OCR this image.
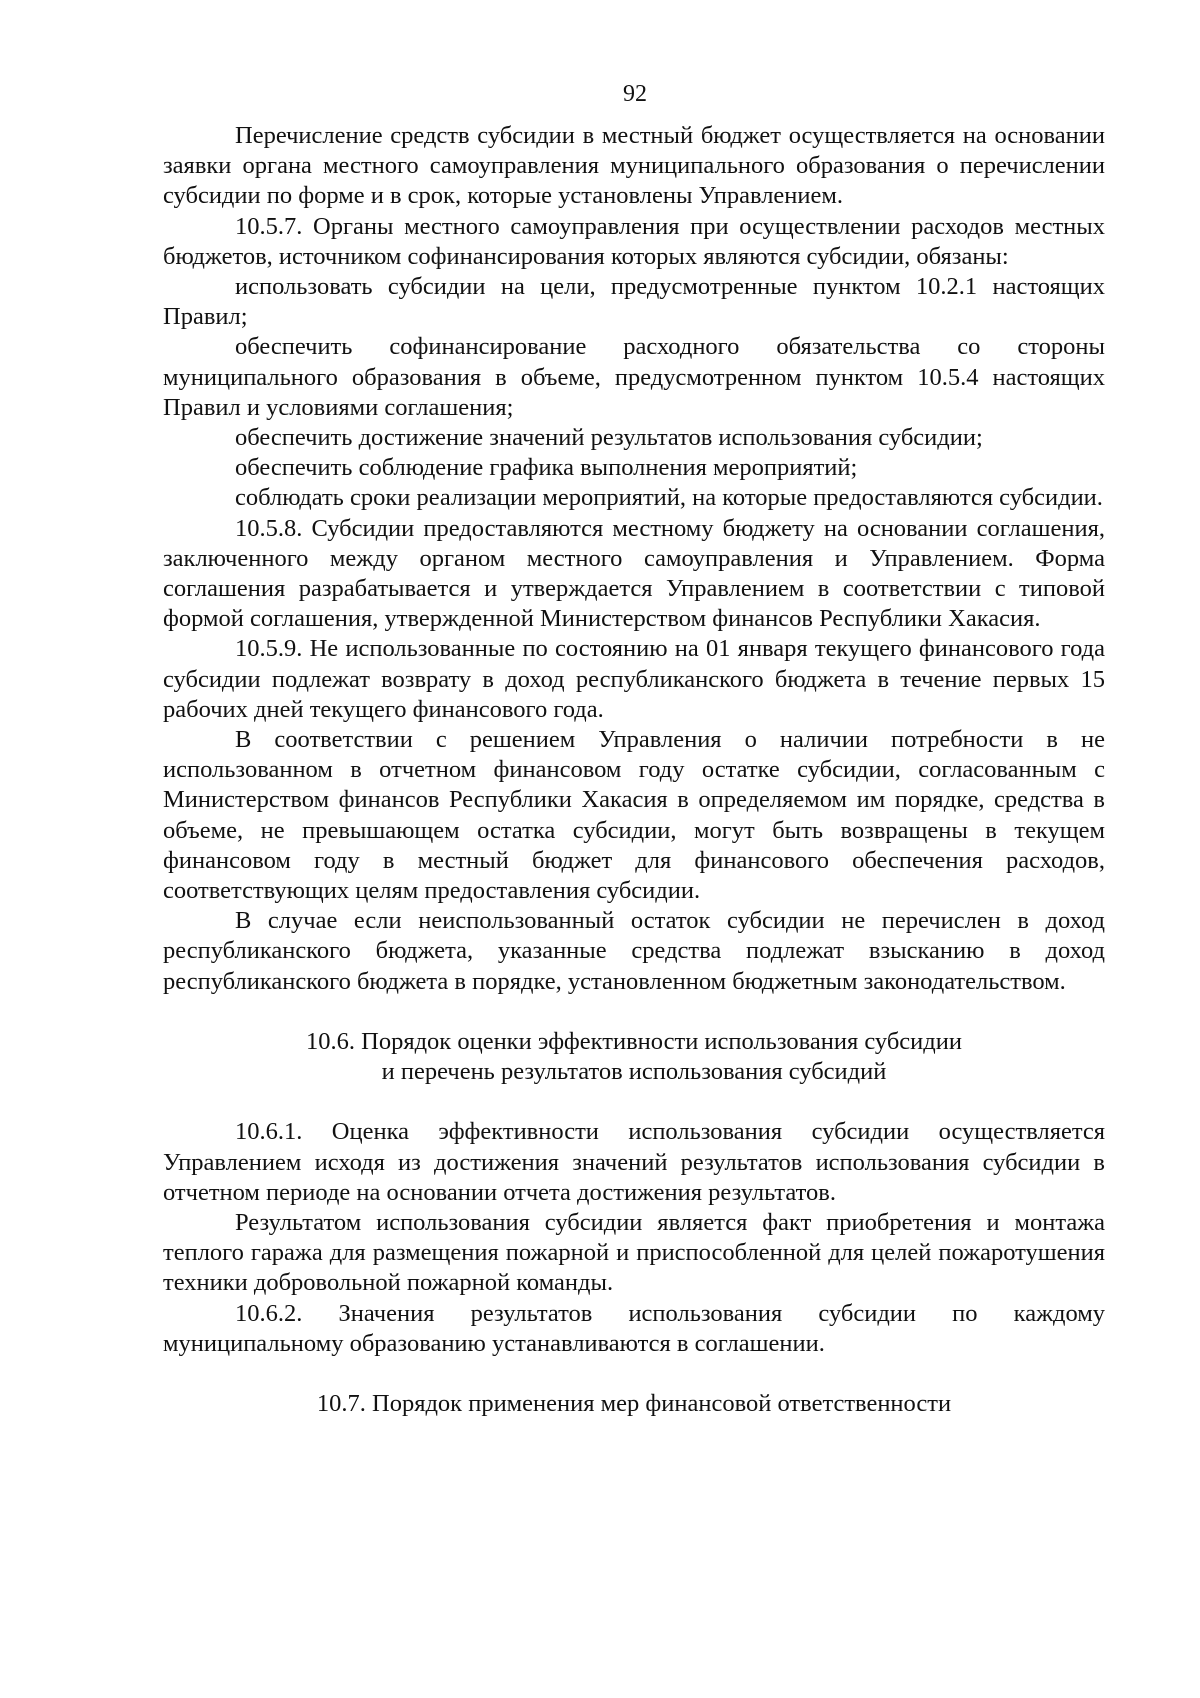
92

Перечисление средств субсидии в местный бюджет осуществляется на основании заявки органа местного самоуправления муниципального образования о перечислении субсидии по форме и в срок, которые установлены Управлением.

10.5.7. Органы местного самоуправления при осуществлении расходов местных бюджетов, источником софинансирования которых являются субсидии, обязаны:

использовать субсидии на цели, предусмотренные пунктом 10.2.1 настоящих Правил;

обеспечить софинансирование расходного обязательства со стороны муниципального образования в объеме, предусмотренном пунктом 10.5.4 настоящих Правил и условиями соглашения;

обеспечить достижение значений результатов использования субсидии;

обеспечить соблюдение графика выполнения мероприятий;

соблюдать сроки реализации мероприятий, на которые предоставляются субсидии.

10.5.8. Субсидии предоставляются местному бюджету на основании соглашения, заключенного между органом местного самоуправления и Управлением. Форма соглашения разрабатывается и утверждается Управлением в соответствии с типовой формой соглашения, утвержденной Министерством финансов Республики Хакасия.

10.5.9. Не использованные по состоянию на 01 января текущего финансового года субсидии подлежат возврату в доход республиканского бюджета в течение первых 15 рабочих дней текущего финансового года.

В соответствии с решением Управления о наличии потребности в не использованном в отчетном финансовом году остатке субсидии, согласованным с Министерством финансов Республики Хакасия в определяемом им порядке, средства в объеме, не превышающем остатка субсидии, могут быть возвращены в текущем финансовом году в местный бюджет для финансового обеспечения расходов, соответствующих целям предоставления субсидии.

В случае если неиспользованный остаток субсидии не перечислен в доход республиканского бюджета, указанные средства подлежат взысканию в доход республиканского бюджета в порядке, установленном бюджетным законодательством.

10.6. Порядок оценки эффективности использования субсидии
и перечень результатов использования субсидий

10.6.1. Оценка эффективности использования субсидии осуществляется Управлением исходя из достижения значений результатов использования субсидии в отчетном периоде на основании отчета достижения результатов.

Результатом использования субсидии является факт приобретения и монтажа теплого гаража для размещения пожарной и приспособленной для целей пожаротушения техники добровольной пожарной команды.

10.6.2. Значения результатов использования субсидии по каждому муниципальному образованию устанавливаются в соглашении.

10.7. Порядок применения мер финансовой ответственности
